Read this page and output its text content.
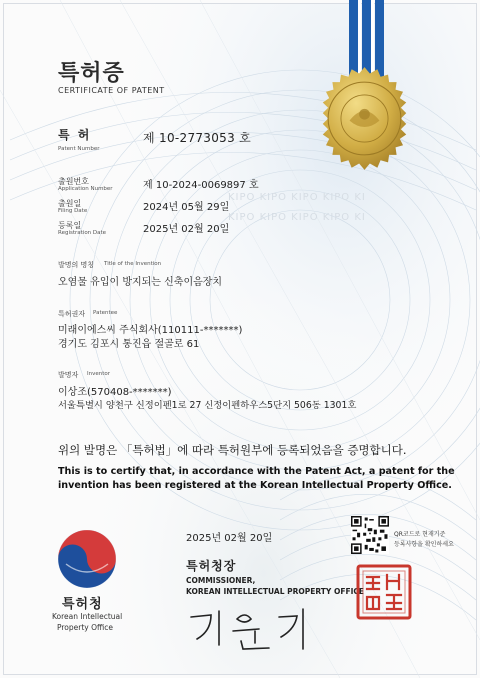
KIPO KIPO KIPO KIPO KI
KIPO KIPO KIPO KIPO KI
특허증
CERTIFICATE OF PATENT
특 허
Patent Number
제 10-2773053 호
출원번호
Application Number	제 10-2024-0069897 호
출원일
Filing Date	2024년 05월 29일
등록일
Registration Date	2025년 02월 20일
발명의 명칭 Title of the Invention
오염물 유입이 방지되는 신축이음장치
특허권자 Patentee
미래이에스씨 주식회사(110111-*******)
경기도 김포시 통진읍 절골로 61
발명자 Inventor
이상조(570408-*******)
서울특별시 양천구 신정이펜1로 27 신정이펜하우스5단지 506동 1301호
위의 발명은 「특허법」에 따라 특허원부에 등록되었음을 증명합니다.
This is to certify that, in accordance with the Patent Act, a patent for the
invention has been registered at the Korean Intellectual Property Office.
2025년 02월 20일
특허청장
COMMISSIONER,
KOREAN INTELLECTUAL PROPERTY OFFICE
QR코드로 현재기준
등록사항을 확인하세요
특허청
Korean Intellectual
Property Office
